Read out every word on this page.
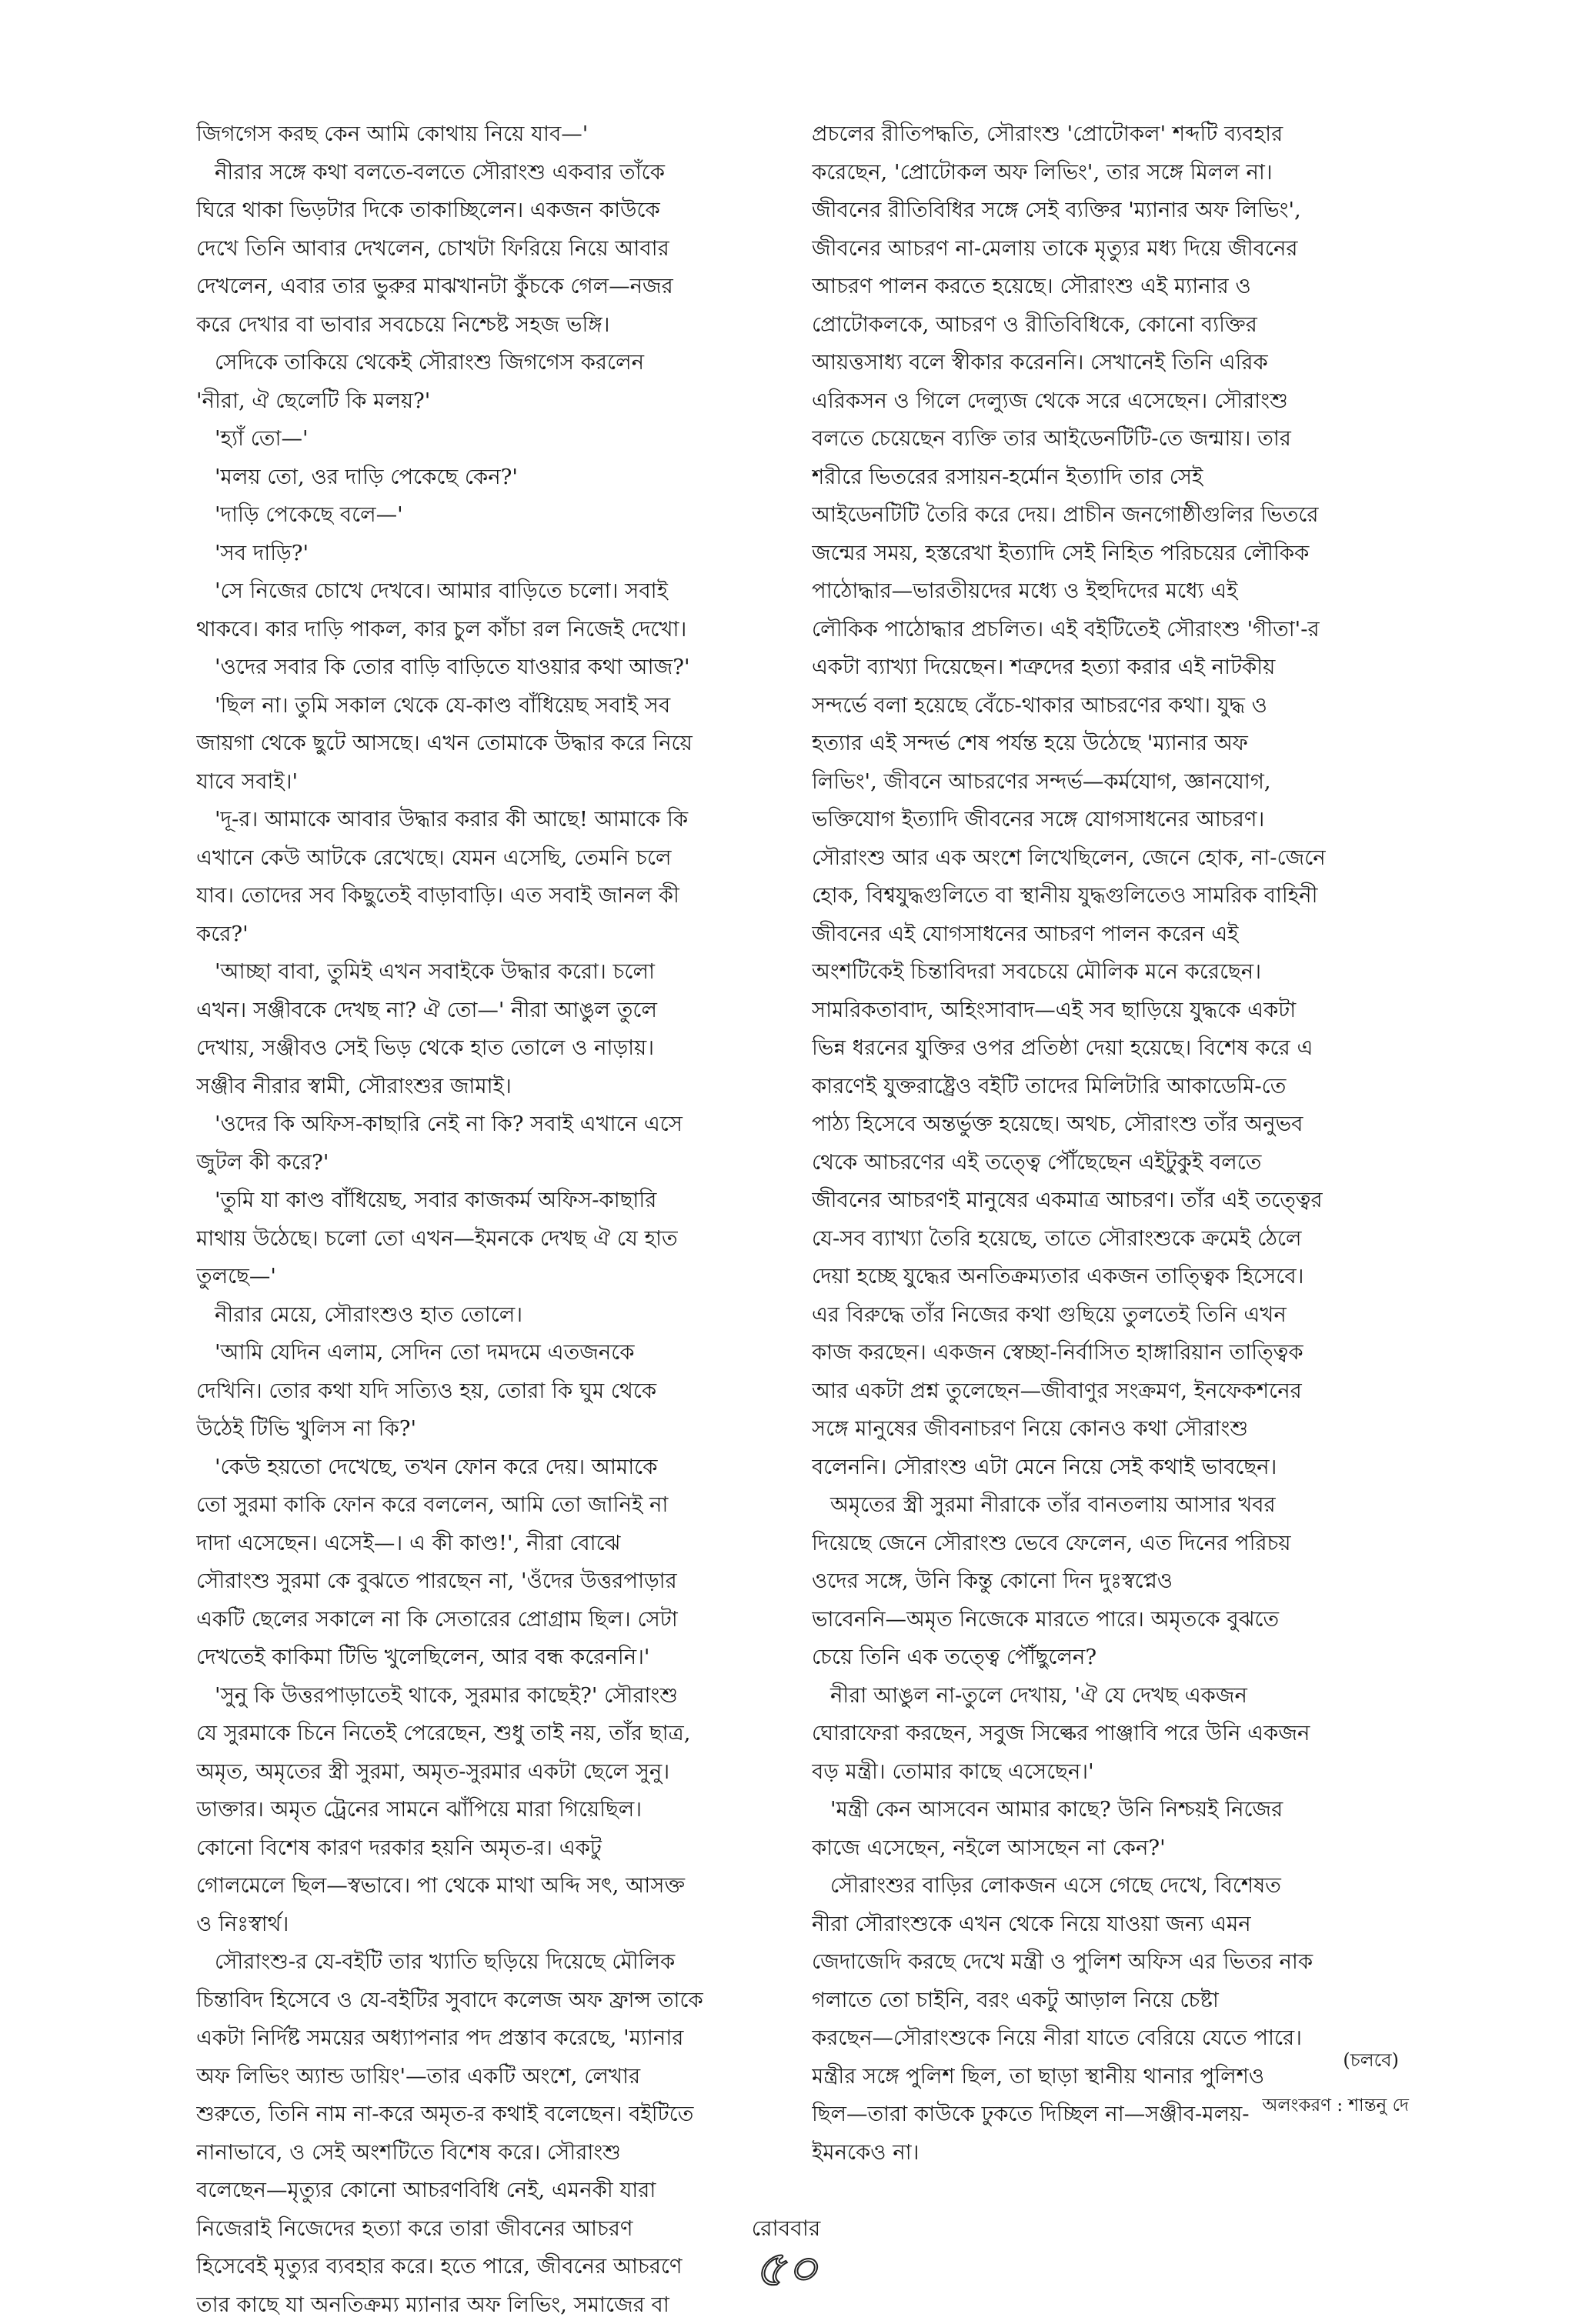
জিগগেস করছ কেন আমি কোথায় নিয়ে যাব—'
নীরার সঙ্গে কথা বলতে-বলতে সৌরাংশু একবার তাঁকে
ঘিরে থাকা ভিড়টার দিকে তাকাচ্ছিলেন। একজন কাউকে
দেখে তিনি আবার দেখলেন, চোখটা ফিরিয়ে নিয়ে আবার
দেখলেন, এবার তার ভুরুর মাঝখানটা কুঁচকে গেল—নজর
করে দেখার বা ভাবার সবচেয়ে নিশ্চেষ্ট সহজ ভঙ্গি।
সেদিকে তাকিয়ে থেকেই সৌরাংশু জিগগেস করলেন
'নীরা, ঐ ছেলেটি কি মলয়?'
'হ্যাঁ তো—'
'মলয় তো, ওর দাড়ি পেকেছে কেন?'
'দাড়ি পেকেছে বলে—'
'সব দাড়ি?'
'সে নিজের চোখে দেখবে। আমার বাড়িতে চলো। সবাই
থাকবে। কার দাড়ি পাকল, কার চুল কাঁচা রল নিজেই দেখো।
'ওদের সবার কি তোর বাড়ি বাড়িতে যাওয়ার কথা আজ?'
'ছিল না। তুমি সকাল থেকে যে-কাণ্ড বাঁধিয়েছ সবাই সব
জায়গা থেকে ছুটে আসছে। এখন তোমাকে উদ্ধার করে নিয়ে
যাবে সবাই।'
'দূ-র। আমাকে আবার উদ্ধার করার কী আছে! আমাকে কি
এখানে কেউ আটকে রেখেছে। যেমন এসেছি, তেমনি চলে
যাব। তোদের সব কিছুতেই বাড়াবাড়ি। এত সবাই জানল কী
করে?'
'আচ্ছা বাবা, তুমিই এখন সবাইকে উদ্ধার করো। চলো
এখন। সঞ্জীবকে দেখছ না? ঐ তো—' নীরা আঙুল তুলে
দেখায়, সঞ্জীবও সেই ভিড় থেকে হাত তোলে ও নাড়ায়।
সঞ্জীব নীরার স্বামী, সৌরাংশুর জামাই।
'ওদের কি অফিস-কাছারি নেই না কি? সবাই এখানে এসে
জুটল কী করে?'
'তুমি যা কাণ্ড বাঁধিয়েছ, সবার কাজকর্ম অফিস-কাছারি
মাথায় উঠেছে। চলো তো এখন—ইমনকে দেখছ ঐ যে হাত
তুলছে—'
নীরার মেয়ে, সৌরাংশুও হাত তোলে।
'আমি যেদিন এলাম, সেদিন তো দমদমে এতজনকে
দেখিনি। তোর কথা যদি সত্যিও হয়, তোরা কি ঘুম থেকে
উঠেই টিভি খুলিস না কি?'
'কেউ হয়তো দেখেছে, তখন ফোন করে দেয়। আমাকে
তো সুরমা কাকি ফোন করে বললেন, আমি তো জানিই না
দাদা এসেছেন। এসেই—। এ কী কাণ্ড!', নীরা বোঝে
সৌরাংশু সুরমা কে বুঝতে পারছেন না, 'ওঁদের উত্তরপাড়ার
একটি ছেলের সকালে না কি সেতারের প্রোগ্রাম ছিল। সেটা
দেখতেই কাকিমা টিভি খুলেছিলেন, আর বন্ধ করেননি।'
'সুনু কি উত্তরপাড়াতেই থাকে, সুরমার কাছেই?' সৌরাংশু
যে সুরমাকে চিনে নিতেই পেরেছেন, শুধু তাই নয়, তাঁর ছাত্র,
অমৃত, অমৃতের স্ত্রী সুরমা, অমৃত-সুরমার একটা ছেলে সুনু।
ডাক্তার। অমৃত ট্রেনের সামনে ঝাঁপিয়ে মারা গিয়েছিল।
কোনো বিশেষ কারণ দরকার হয়নি অমৃত-র। একটু
গোলমেলে ছিল—স্বভাবে। পা থেকে মাথা অব্দি সৎ, আসক্ত
ও নিঃস্বার্থ।
সৌরাংশু-র যে-বইটি তার খ্যাতি ছড়িয়ে দিয়েছে মৌলিক
চিন্তাবিদ হিসেবে ও যে-বইটির সুবাদে কলেজ অফ ফ্রান্স তাকে
একটা নির্দিষ্ট সময়ের অধ্যাপনার পদ প্রস্তাব করেছে, 'ম্যানার
অফ লিভিং অ্যান্ড ডায়িং'—তার একটি অংশে, লেখার
শুরুতে, তিনি নাম না-করে অমৃত-র কথাই বলেছেন। বইটিতে
নানাভাবে, ও সেই অংশটিতে বিশেষ করে। সৌরাংশু
বলেছেন—মৃত্যুর কোনো আচরণবিধি নেই, এমনকী যারা
নিজেরাই নিজেদের হত্যা করে তারা জীবনের আচরণ
হিসেবেই মৃত্যুর ব্যবহার করে। হতে পারে, জীবনের আচরণে
তার কাছে যা অনতিক্রম্য ম্যানার অফ লিভিং, সমাজের বা
প্রচলের রীতিপদ্ধতি, সৌরাংশু 'প্রোটোকল' শব্দটি ব্যবহার
করেছেন, 'প্রোটোকল অফ লিভিং', তার সঙ্গে মিলল না।
জীবনের রীতিবিধির সঙ্গে সেই ব্যক্তির 'ম্যানার অফ লিভিং',
জীবনের আচরণ না-মেলায় তাকে মৃত্যুর মধ্য দিয়ে জীবনের
আচরণ পালন করতে হয়েছে। সৌরাংশু এই ম্যানার ও
প্রোটোকলকে, আচরণ ও রীতিবিধিকে, কোনো ব্যক্তির
আয়ত্তসাধ্য বলে স্বীকার করেননি। সেখানেই তিনি এরিক
এরিকসন ও গিলে দেল্যুজ থেকে সরে এসেছেন। সৌরাংশু
বলতে চেয়েছেন ব্যক্তি তার আইডেনটিটি-তে জন্মায়। তার
শরীরে ভিতরের রসায়ন-হর্মোন ইত্যাদি তার সেই
আইডেনটিটি তৈরি করে দেয়। প্রাচীন জনগোষ্ঠীগুলির ভিতরে
জন্মের সময়, হস্তরেখা ইত্যাদি সেই নিহিত পরিচয়ের লৌকিক
পাঠোদ্ধার—ভারতীয়দের মধ্যে ও ইহুদিদের মধ্যে এই
লৌকিক পাঠোদ্ধার প্রচলিত। এই বইটিতেই সৌরাংশু 'গীতা'-র
একটা ব্যাখ্যা দিয়েছেন। শত্রুদের হত্যা করার এই নাটকীয়
সন্দর্ভে বলা হয়েছে বেঁচে-থাকার আচরণের কথা। যুদ্ধ ও
হত্যার এই সন্দর্ভ শেষ পর্যন্ত হয়ে উঠেছে 'ম্যানার অফ
লিভিং', জীবনে আচরণের সন্দর্ভ—কর্মযোগ, জ্ঞানযোগ,
ভক্তিযোগ ইত্যাদি জীবনের সঙ্গে যোগসাধনের আচরণ।
সৌরাংশু আর এক অংশে লিখেছিলেন, জেনে হোক, না-জেনে
হোক, বিশ্বযুদ্ধগুলিতে বা স্থানীয় যুদ্ধগুলিতেও সামরিক বাহিনী
জীবনের এই যোগসাধনের আচরণ পালন করেন এই
অংশটিকেই চিন্তাবিদরা সবচেয়ে মৌলিক মনে করেছেন।
সামরিকতাবাদ, অহিংসাবাদ—এই সব ছাড়িয়ে যুদ্ধকে একটা
ভিন্ন ধরনের যুক্তির ওপর প্রতিষ্ঠা দেয়া হয়েছে। বিশেষ করে এ
কারণেই যুক্তরাষ্ট্রেও বইটি তাদের মিলিটারি আকাডেমি-তে
পাঠ্য হিসেবে অন্তর্ভুক্ত হয়েছে। অথচ, সৌরাংশু তাঁর অনুভব
থেকে আচরণের এই তত্ত্বে পৌঁছেছেন এইটুকুই বলতে
জীবনের আচরণই মানুষের একমাত্র আচরণ। তাঁর এই তত্ত্বের
যে-সব ব্যাখ্যা তৈরি হয়েছে, তাতে সৌরাংশুকে ক্রমেই ঠেলে
দেয়া হচ্ছে যুদ্ধের অনতিক্রম্যতার একজন তাত্ত্বিক হিসেবে।
এর বিরুদ্ধে তাঁর নিজের কথা গুছিয়ে তুলতেই তিনি এখন
কাজ করছেন। একজন স্বেচ্ছা-নির্বাসিত হাঙ্গারিয়ান তাত্ত্বিক
আর একটা প্রশ্ন তুলেছেন—জীবাণুর সংক্রমণ, ইনফেকশনের
সঙ্গে মানুষের জীবনাচরণ নিয়ে কোনও কথা সৌরাংশু
বলেননি। সৌরাংশু এটা মেনে নিয়ে সেই কথাই ভাবছেন।
অমৃতের স্ত্রী সুরমা নীরাকে তাঁর বানতলায় আসার খবর
দিয়েছে জেনে সৌরাংশু ভেবে ফেলেন, এত দিনের পরিচয়
ওদের সঙ্গে, উনি কিন্তু কোনো দিন দুঃস্বপ্নেও
ভাবেননি—অমৃত নিজেকে মারতে পারে। অমৃতকে বুঝতে
চেয়ে তিনি এক তত্ত্বে পৌঁছুলেন?
নীরা আঙুল না-তুলে দেখায়, 'ঐ যে দেখছ একজন
ঘোরাফেরা করছেন, সবুজ সিল্কের পাঞ্জাবি পরে উনি একজন
বড় মন্ত্রী। তোমার কাছে এসেছেন।'
'মন্ত্রী কেন আসবেন আমার কাছে? উনি নিশ্চয়ই নিজের
কাজে এসেছেন, নইলে আসছেন না কেন?'
সৌরাংশুর বাড়ির লোকজন এসে গেছে দেখে, বিশেষত
নীরা সৌরাংশুকে এখন থেকে নিয়ে যাওয়া জন্য এমন
জেদাজেদি করছে দেখে মন্ত্রী ও পুলিশ অফিস এর ভিতর নাক
গলাতে তো চাইনি, বরং একটু আড়াল নিয়ে চেষ্টা
করছেন—সৌরাংশুকে নিয়ে নীরা যাতে বেরিয়ে যেতে পারে।
মন্ত্রীর সঙ্গে পুলিশ ছিল, তা ছাড়া স্থানীয় থানার পুলিশও
ছিল—তারা কাউকে ঢুকতে দিচ্ছিল না—সঞ্জীব-মলয়-
ইমনকেও না।
(চলবে)
অলংকরণ : শান্তনু দে
রোববার
৫০
